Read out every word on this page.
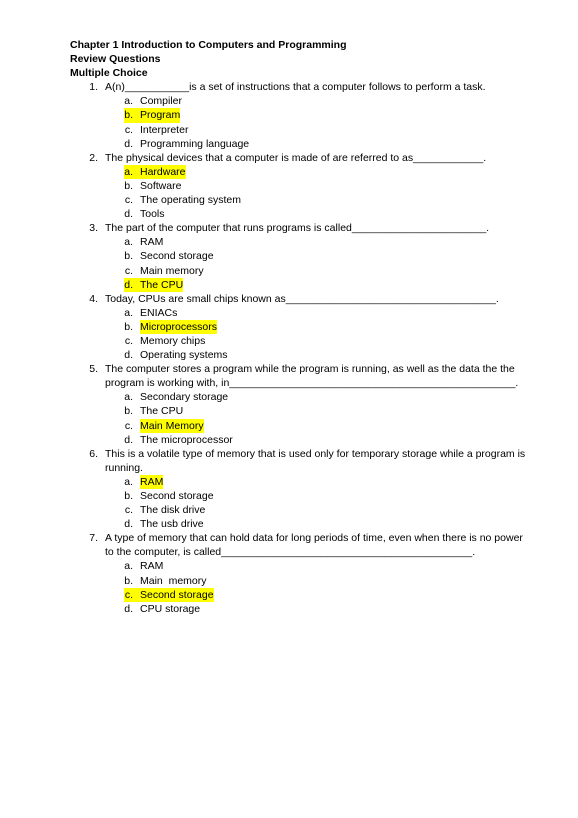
Chapter 1 Introduction to Computers and Programming
Review Questions
Multiple Choice
1. A(n)___________is a set of instructions that a computer follows to perform a task.
a. Compiler
b. Program
c. Interpreter
d. Programming language
2. The physical devices that a computer is made of are referred to as____________.
a. Hardware
b. Software
c. The operating system
d. Tools
3. The part of the computer that runs programs is called_______________________.
a. RAM
b. Second storage
c. Main memory
d. The CPU
4. Today, CPUs are small chips known as____________________________________.
a. ENIACs
b. Microprocessors
c. Memory chips
d. Operating systems
5. The computer stores a program while the program is running, as well as the data the the program is working with, in_________________________________________________.
a. Secondary storage
b. The CPU
c. Main Memory
d. The microprocessor
6. This is a volatile type of memory that is used only for temporary storage while a program is running.
a. RAM
b. Second storage
c. The disk drive
d. The usb drive
7. A type of memory that can hold data for long periods of time, even when there is no power to the computer, is called___________________________________________.
a. RAM
b. Main  memory
c. Second storage
d. CPU storage
